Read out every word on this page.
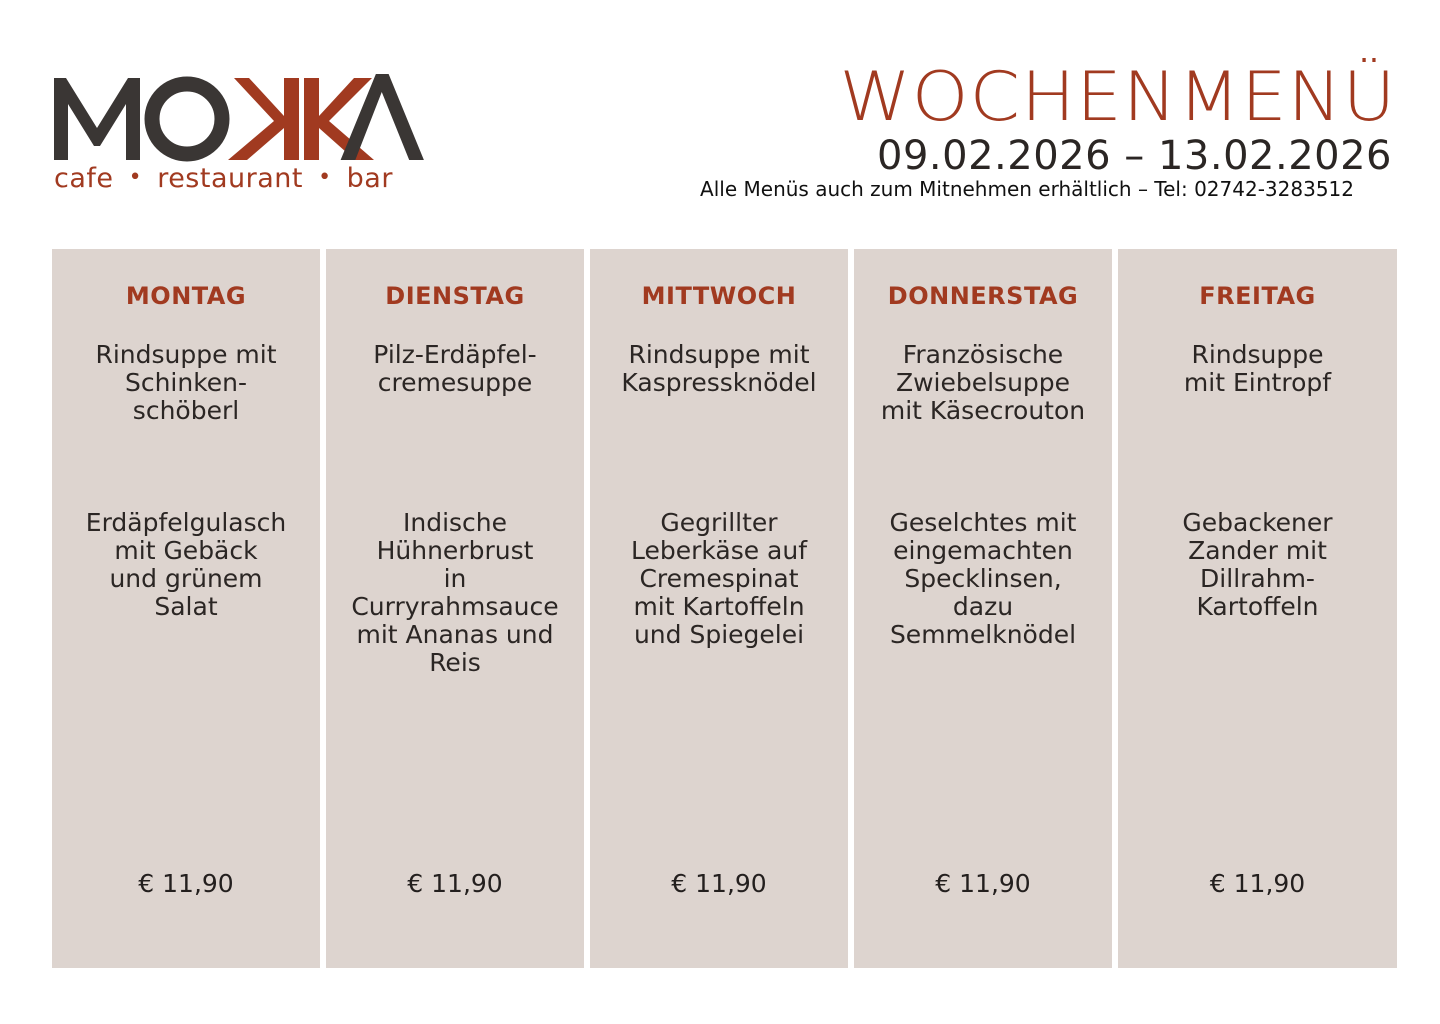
cafe • restaurant • bar
WOCHENMENÜ
09.02.2026 – 13.02.2026
Alle Menüs auch zum Mitnehmen erhältlich – Tel: 02742-3283512
MONTAG
Rindsuppe mit
Schinken-
schöberl
Erdäpfelgulasch
mit Gebäck
und grünem
Salat
€ 11,90
DIENSTAG
Pilz-Erdäpfel-
cremesuppe
Indische
Hühnerbrust
in
Curryrahmsauce
mit Ananas und
Reis
€ 11,90
MITTWOCH
Rindsuppe mit
Kaspressknödel
Gegrillter
Leberkäse auf
Cremespinat
mit Kartoffeln
und Spiegelei
€ 11,90
DONNERSTAG
Französische
Zwiebelsuppe
mit Käsecrouton
Geselchtes mit
eingemachten
Specklinsen,
dazu
Semmelknödel
€ 11,90
FREITAG
Rindsuppe
mit Eintropf
Gebackener
Zander mit
Dillrahm-
Kartoffeln
€ 11,90
